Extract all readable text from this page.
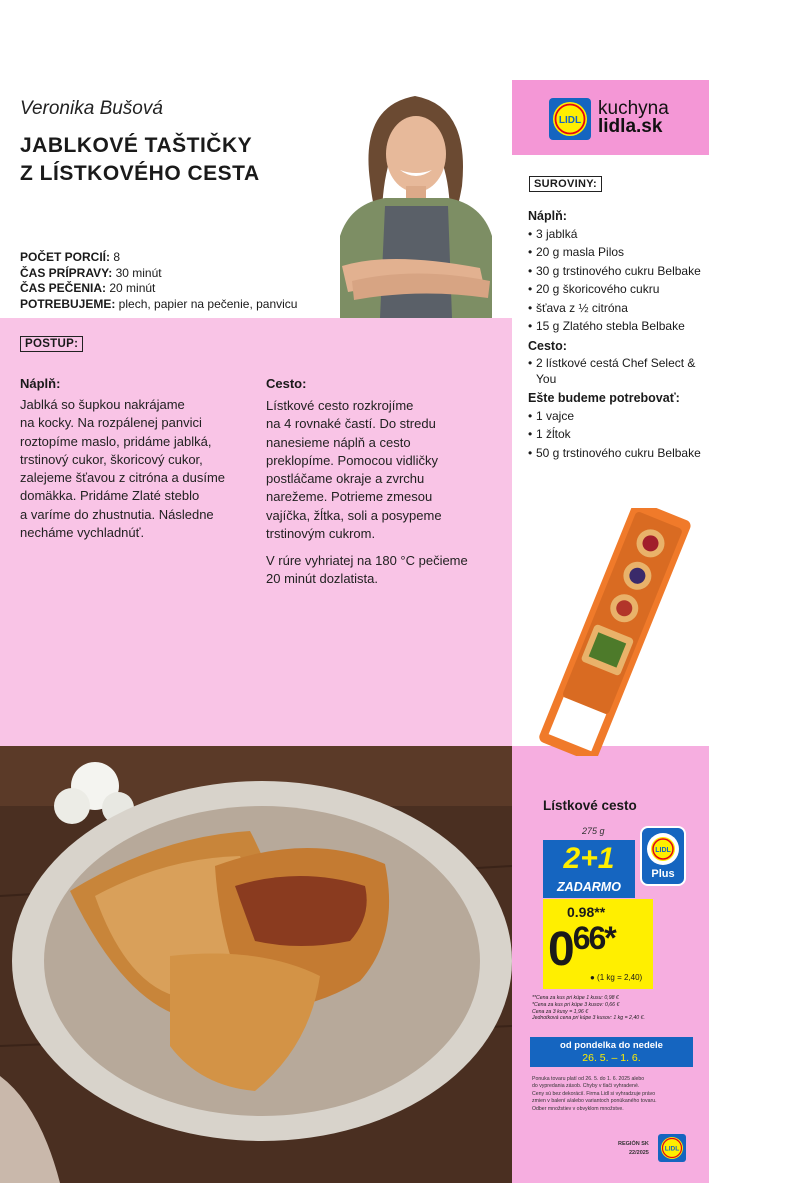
Veronika Bušová
JABLKOVÉ TAŠTIČKY
Z LÍSTKOVÉHO CESTA
POČET PORCIÍ: 8
ČAS PRÍPRAVY: 30 minút
ČAS PEČENIA: 20 minút
POTREBUJEME: plech, papier na pečenie, panvicu
LIDL
kuchyna
lidla.sk
POSTUP:
Náplň:
Jablká so šupkou nakrájame
na kocky. Na rozpálenej panvici
roztopíme maslo, pridáme jablká,
trstinový cukor, škoricový cukor,
zalejeme šťavou z citróna a dusíme
domäkka. Pridáme Zlaté steblo
a varíme do zhustnutia. Následne
necháme vychladnúť.
Cesto:
Lístkové cesto rozkrojíme
na 4 rovnaké častí. Do stredu
nanesieme náplň a cesto
preklopíme. Pomocou vidličky
postláčame okraje a zvrchu
narežeme. Potrieme zmesou
vajíčka, žĺtka, soli a posypeme
trstinovým cukrom.
V rúre vyhriatej na 180 °C pečieme
20 minút dozlatista.
SUROVINY:
Náplň:
• 3 jablká
• 20 g masla Pilos
• 30 g trstinového cukru Belbake
• 20 g škoricového cukru
• šťava z ½ citróna
• 15 g Zlatého stebla Belbake
Cesto:
• 2 lístkové cestá Chef Select & You
Ešte budeme potrebovať:
• 1 vajce
• 1 žĺtok
• 50 g trstinového cukru Belbake
Lístkové cesto
275 g
2+1
ZADARMO
LIDL
Plus
0.98**
$0^{66*}$
● (1 kg = 2,40)
**Cena za kus pri kúpe 1 kusu: 0,98 €
*Cena za kus pri kúpe 3 kusov: 0,66 €
Cena za 3 kusy = 1,96 €
Jednotková cena pri kúpe 3 kusov: 1 kg = 2,40 €.
od pondelka do nedele
26. 5. – 1. 6.
Ponuka tovaru platí od 26. 5. do 1. 6. 2025 alebo
do vypredania zásob. Chyby v tlači vyhradené.
Ceny sú bez dekorácií. Firma Lidl si vyhradzuje právo
zmien v balení a/alebo variantoch ponúkaného tovaru.
Odber množstiev v obvyklom množstve.
REGIÓN SK
22/2025
LIDL
